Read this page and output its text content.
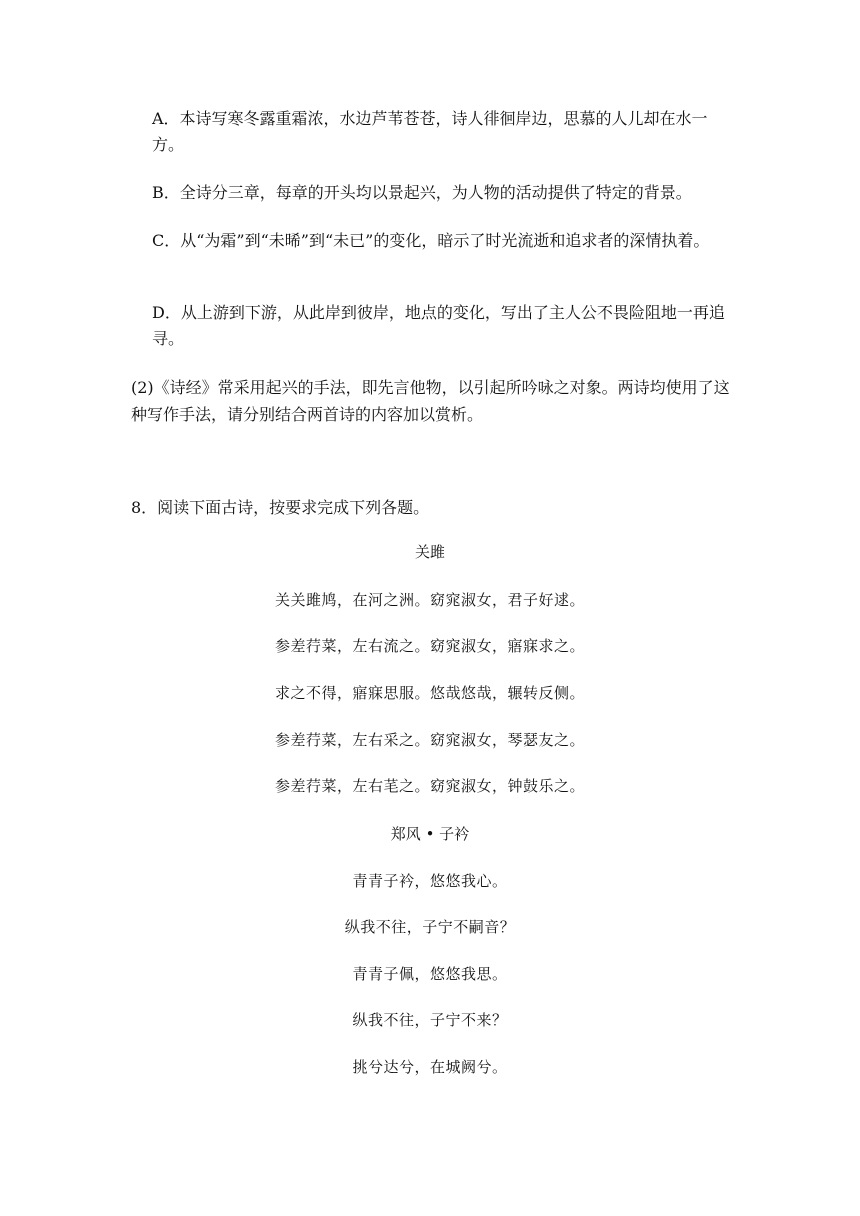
A．本诗写寒冬露重霜浓，水边芦苇苍苍，诗人徘徊岸边，思慕的人儿却在水一方。
B．全诗分三章，每章的开头均以景起兴，为人物的活动提供了特定的背景。
C．从“为霜”到“未晞”到“未已”的变化，暗示了时光流逝和追求者的深情执着。
D．从上游到下游，从此岸到彼岸，地点的变化，写出了主人公不畏险阻地一再追寻。
(2)《诗经》常采用起兴的手法，即先言他物，以引起所吟咏之对象。两诗均使用了这种写作手法，请分别结合两首诗的内容加以赏析。
8．阅读下面古诗，按要求完成下列各题。
关雎
关关雎鸠，在河之洲。窈窕淑女，君子好逑。
参差荇菜，左右流之。窈窕淑女，寤寐求之。
求之不得，寤寐思服。悠哉悠哉，辗转反侧。
参差荇菜，左右采之。窈窕淑女，琴瑟友之。
参差荇菜，左右芼之。窈窕淑女，钟鼓乐之。
郑风 • 子衿
青青子衿，悠悠我心。
纵我不往，子宁不嗣音？
青青子佩，悠悠我思。
纵我不往，子宁不来？
挑兮达兮，在城阙兮。
